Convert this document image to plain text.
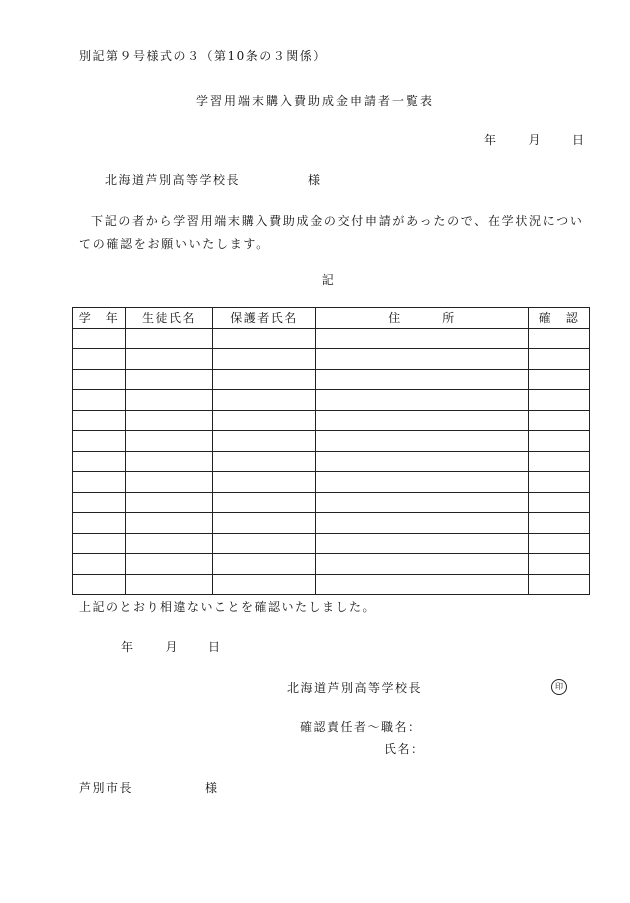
別記第９号様式の３（第10条の３関係）
学習用端末購入費助成金申請者一覧表
年	月	日
北海道芦別高等学校長	様
下記の者から学習用端末購入費助成金の交付申請があったので、在学状況についての確認をお願いいたします。
記
学　年	生徒氏名	保護者氏名	住　　　所	確　認

上記のとおり相違ないことを確認いたしました。
年	月 日
北海道芦別高等学校長	印
確認責任者～職名：
氏名：
芦別市長	様
